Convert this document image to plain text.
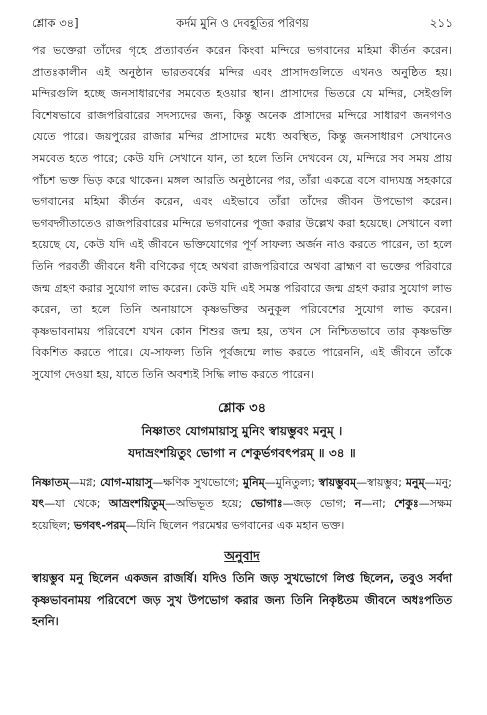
শ্লোক ৩৪]	কর্দম মুনি ও দেবহূতির পরিণয়	২১১

পর ভক্তেরা তাঁদের গৃহে প্রত্যাবর্তন করেন কিংবা মন্দিরে ভগবানের মহিমা কীর্তন করেন। প্রাতঃকালীন এই অনুষ্ঠান ভারতবর্ষের মন্দির এবং প্রাসাদগুলিতে এখনও অনুষ্ঠিত হয়। মন্দিরগুলি হচ্ছে জনসাধারণের সমবেত হওয়ার স্থান। প্রাসাদের ভিতরে যে মন্দির, সেইগুলি বিশেষভাবে রাজপরিবারের সদস্যদের জন্য, কিন্তু অনেক প্রাসাদের মন্দিরে সাধারণ জনগণও যেতে পারে। জয়পুরের রাজার মন্দির প্রাসাদের মধ্যে অবস্থিত, কিন্তু জনসাধারণ সেখানেও সমবেত হতে পারে; কেউ যদি সেখানে যান, তা হলে তিনি দেখবেন যে, মন্দিরে সব সময় প্রায় পাঁচশ ভক্ত ভিড় করে থাকেন। মঙ্গল আরতি অনুষ্ঠানের পর, তাঁরা একত্রে বসে বাদ্যযন্ত্র সহকারে ভগবানের মহিমা কীর্তন করেন, এবং এইভাবে তাঁরা তাঁদের জীবন উপভোগ করেন। ভগবদ্গীতাতেও রাজপরিবারের মন্দিরে ভগবানের পূজা করার উল্লেখ করা হয়েছে। সেখানে বলা হয়েছে যে, কেউ যদি এই জীবনে ভক্তিযোগের পূর্ণ সাফল্য অর্জন নাও করতে পারেন, তা হলে তিনি পরবর্তী জীবনে ধনী বণিকের গৃহে অথবা রাজপরিবারে অথবা ব্রাহ্মণ বা ভক্তের পরিবারে জন্ম গ্রহণ করার সুযোগ লাভ করেন। কেউ যদি এই সমস্ত পরিবারে জন্ম গ্রহণ করার সুযোগ লাভ করেন, তা হলে তিনি অনায়াসে কৃষ্ণভক্তির অনুকূল পরিবেশের সুযোগ লাভ করেন। কৃষ্ণভাবনাময় পরিবেশে যখন কোন শিশুর জন্ম হয়, তখন সে নিশ্চিতভাবে তার কৃষ্ণভক্তি বিকশিত করতে পারে। যে-সাফল্য তিনি পূর্বজন্মে লাভ করতে পারেননি, এই জীবনে তাঁকে সুযোগ দেওয়া হয়, যাতে তিনি অবশ্যই সিদ্ধি লাভ করতে পারেন।

শ্লোক ৩৪
নিষ্ণাতং যোগমায়াসু মুনিং স্বায়ম্ভুবং মনুম্ ।
যদাভ্রংশয়িতুং ভোগা ন শেকুর্ভগবৎপরম্ ॥ ৩৪ ॥
নিষ্ণাতম্—মগ্ন; যোগ-মায়াসু—ক্ষণিক সুখভোগে; মুনিম্—মুনিতুল্য; স্বায়ম্ভুবম্—স্বায়ম্ভুব; মনুম্—মনু; যৎ—যা থেকে; আভ্রংশয়িতুম্—অভিভূত হয়ে; ভোগাঃ—জড় ভোগ; ন—না; শেকুঃ—সক্ষম হয়েছিল; ভগবৎ-পরম্—যিনি ছিলেন পরমেশ্বর ভগবানের এক মহান ভক্ত।
অনুবাদ

স্বায়ম্ভুব মনু ছিলেন একজন রাজর্ষি। যদিও তিনি জড় সুখভোগে লিপ্ত ছিলেন, তবুও সর্বদা কৃষ্ণভাবনাময় পরিবেশে জড় সুখ উপভোগ করার জন্য তিনি নিকৃষ্টতম জীবনে অধঃপতিত হননি।
